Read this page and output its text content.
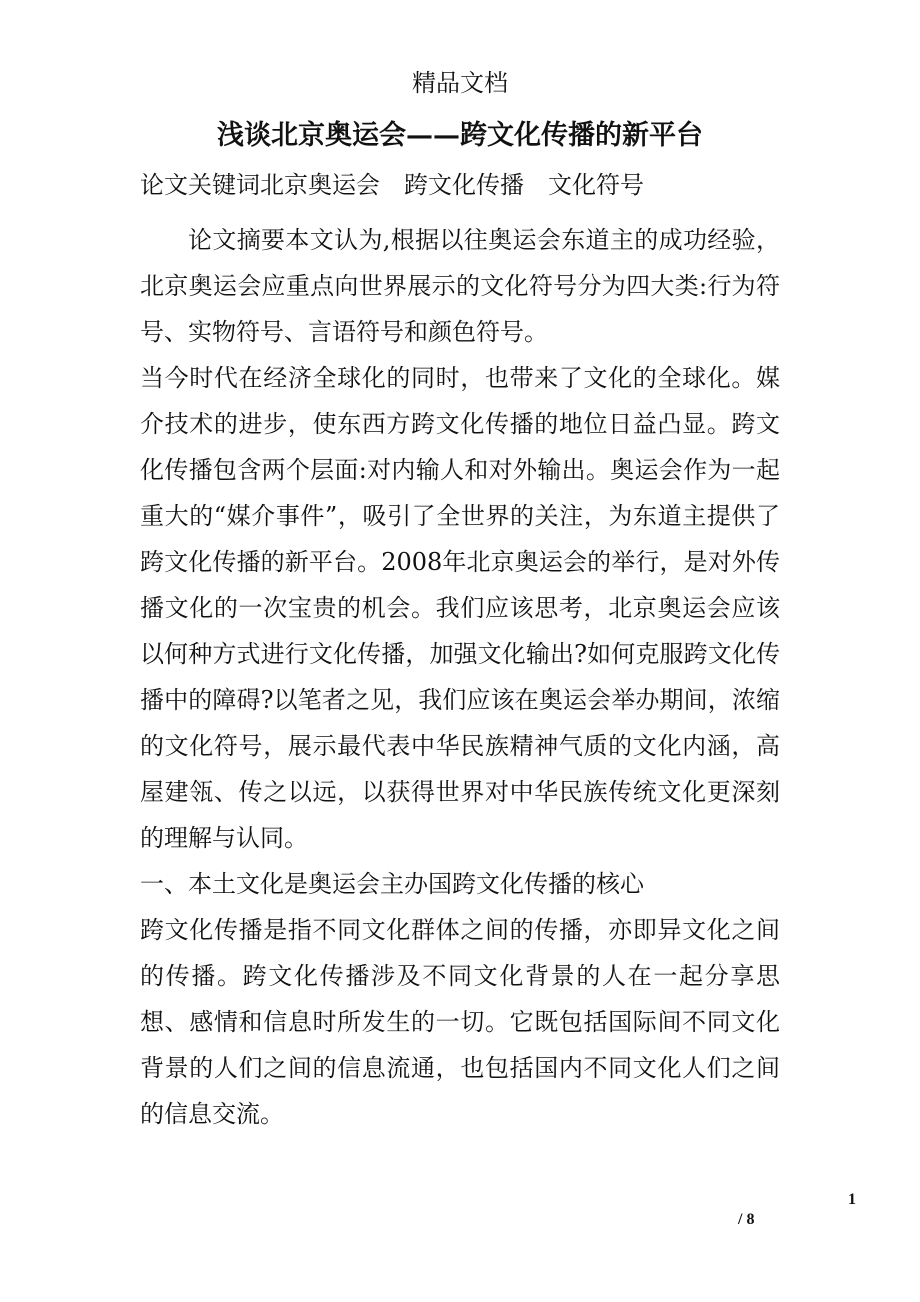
精品文档
浅谈北京奥运会——跨文化传播的新平台
论文关键词北京奥运会　跨文化传播　文化符号

论文摘要本文认为,根据以往奥运会东道主的成功经验，北京奥运会应重点向世界展示的文化符号分为四大类:行为符号、实物符号、言语符号和颜色符号。

当今时代在经济全球化的同时，也带来了文化的全球化。媒介技术的进步，使东西方跨文化传播的地位日益凸显。跨文化传播包含两个层面:对内输人和对外输出。奥运会作为一起重大的“媒介事件”，吸引了全世界的关注，为东道主提供了跨文化传播的新平台。2008年北京奥运会的举行，是对外传播文化的一次宝贵的机会。我们应该思考，北京奥运会应该以何种方式进行文化传播，加强文化输出?如何克服跨文化传播中的障碍?以笔者之见，我们应该在奥运会举办期间，浓缩的文化符号，展示最代表中华民族精神气质的文化内涵，高屋建瓴、传之以远，以获得世界对中华民族传统文化更深刻的理解与认同。

一、本土文化是奥运会主办国跨文化传播的核心

跨文化传播是指不同文化群体之间的传播，亦即异文化之间的传播。跨文化传播涉及不同文化背景的人在一起分享思想、感情和信息时所发生的一切。它既包括国际间不同文化背景的人们之间的信息流通，也包括国内不同文化人们之间的信息交流。

1
/ 8
